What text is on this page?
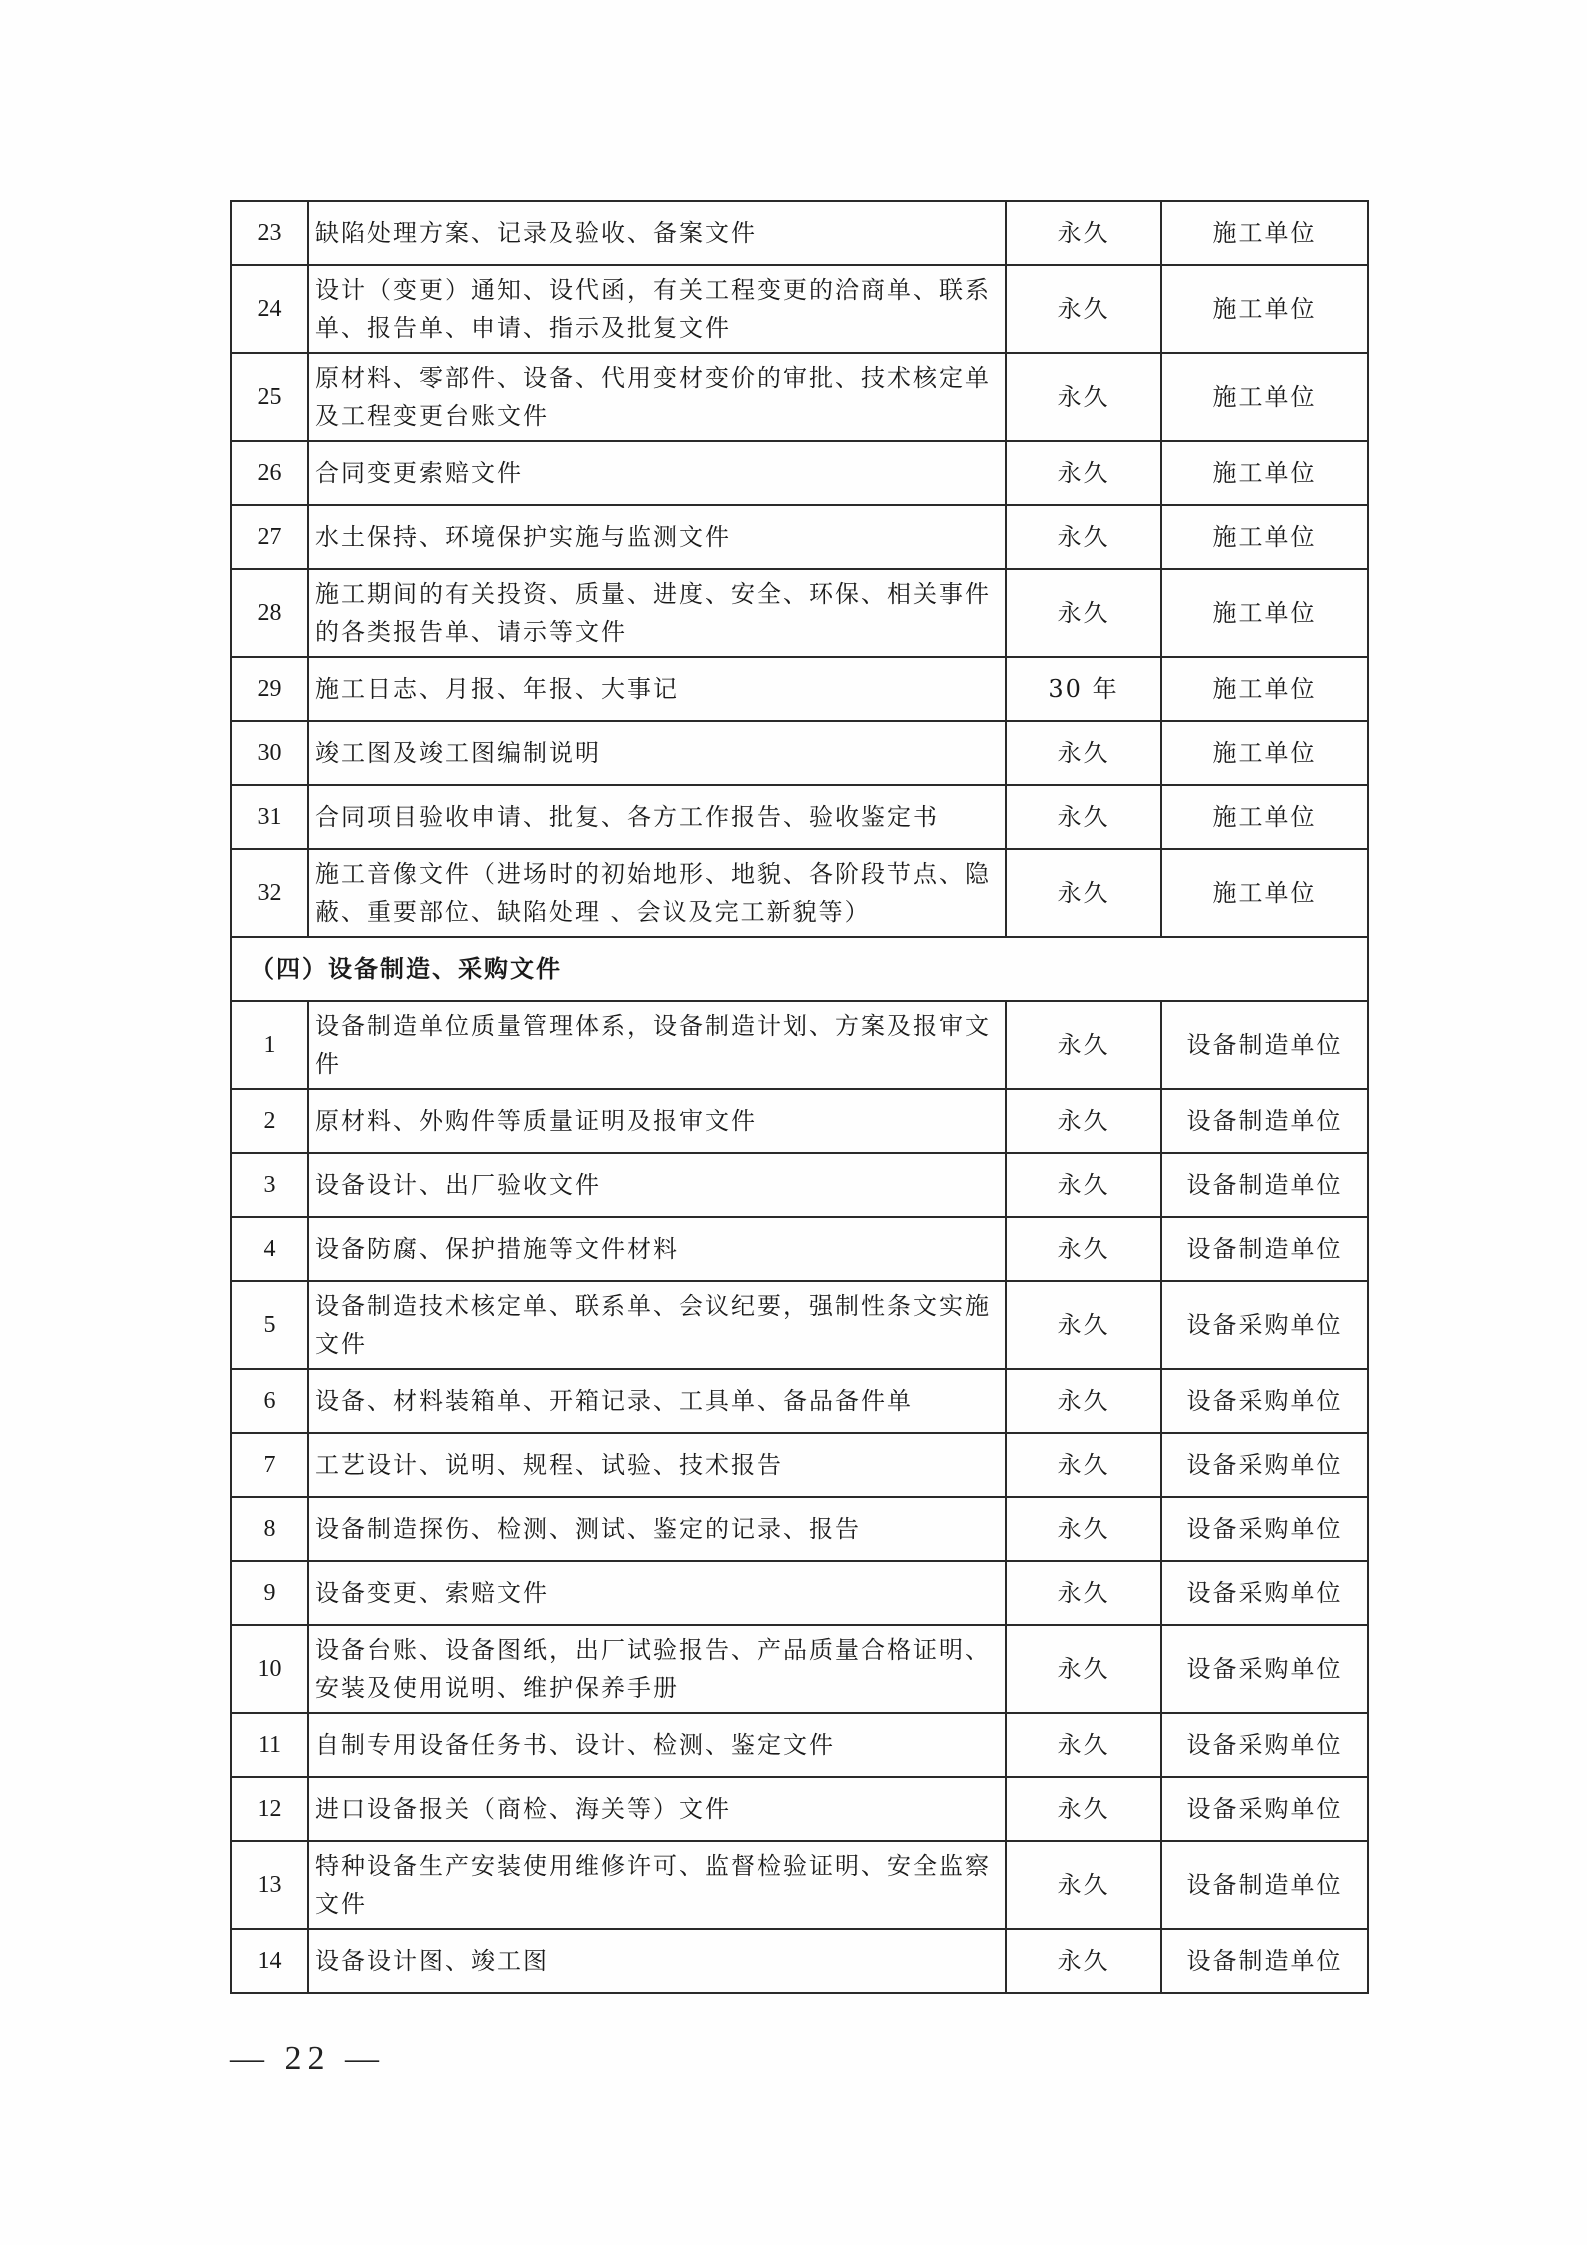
23	缺陷处理方案、记录及验收、备案文件	永久	施工单位
24	设计（变更）通知、设代函，有关工程变更的洽商单、联系单、报告单、申请、指示及批复文件	永久	施工单位
25	原材料、零部件、设备、代用变材变价的审批、技术核定单及工程变更台账文件	永久	施工单位
26	合同变更索赔文件	永久	施工单位
27	水土保持、环境保护实施与监测文件	永久	施工单位
28	施工期间的有关投资、质量、进度、安全、环保、相关事件的各类报告单、请示等文件	永久	施工单位
29	施工日志、月报、年报、大事记	30 年	施工单位
30	竣工图及竣工图编制说明	永久	施工单位
31	合同项目验收申请、批复、各方工作报告、验收鉴定书	永久	施工单位
32	施工音像文件（进场时的初始地形、地貌、各阶段节点、隐蔽、重要部位、缺陷处理 、会议及完工新貌等）	永久	施工单位
（四）设备制造、采购文件			
1	设备制造单位质量管理体系，设备制造计划、方案及报审文件	永久	设备制造单位
2	原材料、外购件等质量证明及报审文件	永久	设备制造单位
3	设备设计、出厂验收文件	永久	设备制造单位
4	设备防腐、保护措施等文件材料	永久	设备制造单位
5	设备制造技术核定单、联系单、会议纪要，强制性条文实施文件	永久	设备采购单位
6	设备、材料装箱单、开箱记录、工具单、备品备件单	永久	设备采购单位
7	工艺设计、说明、规程、试验、技术报告	永久	设备采购单位
8	设备制造探伤、检测、测试、鉴定的记录、报告	永久	设备采购单位
9	设备变更、索赔文件	永久	设备采购单位
10	设备台账、设备图纸，出厂试验报告、产品质量合格证明、安装及使用说明、维护保养手册	永久	设备采购单位
11	自制专用设备任务书、设计、检测、鉴定文件	永久	设备采购单位
12	进口设备报关（商检、海关等）文件	永久	设备采购单位
13	特种设备生产安装使用维修许可、监督检验证明、安全监察文件	永久	设备制造单位
14	设备设计图、竣工图	永久	设备制造单位
— 22 —
